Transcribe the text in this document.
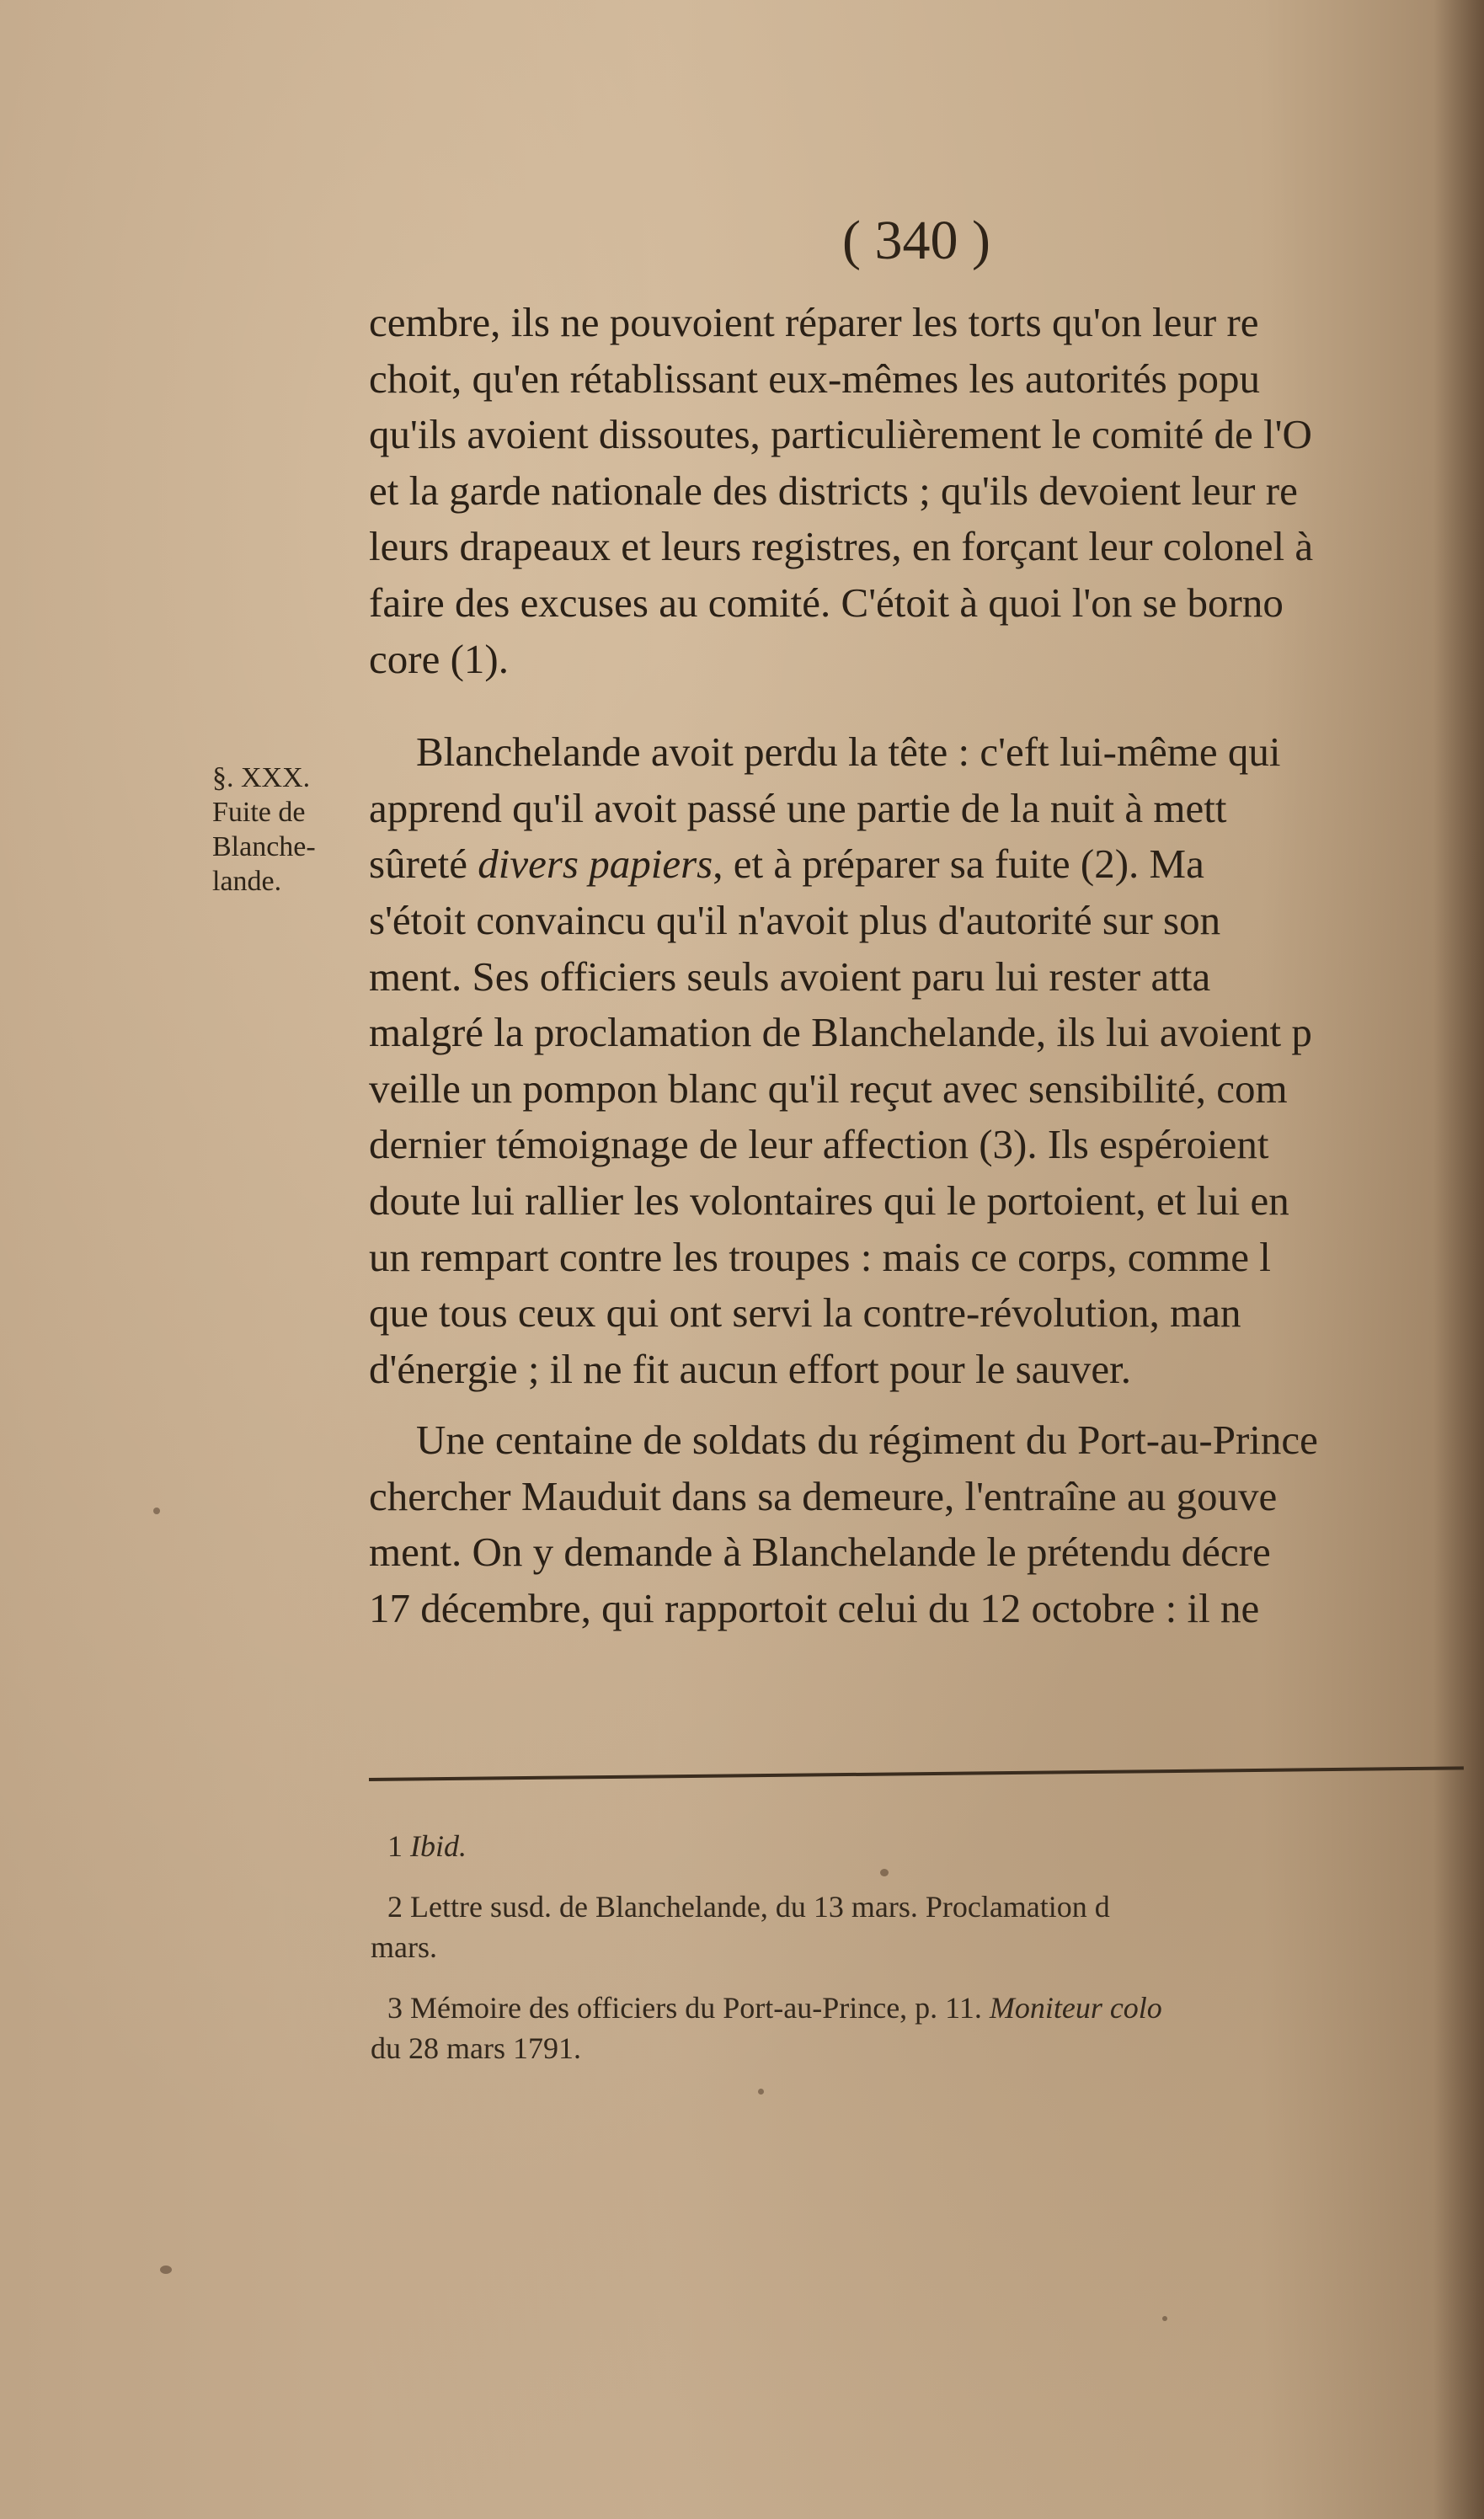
( 340 )
§. XXX.
Fuite de
Blanche-
lande.
cembre, ils ne pouvoient réparer les torts qu'on leur re
choit, qu'en rétablissant eux-mêmes les autorités popu
qu'ils avoient dissoutes, particulièrement le comité de l'O
et la garde nationale des districts ; qu'ils devoient leur re
leurs drapeaux et leurs registres, en forçant leur colonel à
faire des excuses au comité. C'étoit à quoi l'on se borno
core (1).
Blanchelande avoit perdu la tête : c'eft lui-même qui
apprend qu'il avoit passé une partie de la nuit à mett
sûreté divers papiers, et à préparer sa fuite (2). Ma
s'étoit convaincu qu'il n'avoit plus d'autorité sur son
ment. Ses officiers seuls avoient paru lui rester atta
malgré la proclamation de Blanchelande, ils lui avoient p
veille un pompon blanc qu'il reçut avec sensibilité, com
dernier témoignage de leur affection (3). Ils espéroient
doute lui rallier les volontaires qui le portoient, et lui en
un rempart contre les troupes : mais ce corps, comme l
que tous ceux qui ont servi la contre-révolution, man
d'énergie ; il ne fit aucun effort pour le sauver.
Une centaine de soldats du régiment du Port-au-Prince
chercher Mauduit dans sa demeure, l'entraîne au gouve
ment. On y demande à Blanchelande le prétendu décre
17 décembre, qui rapportoit celui du 12 octobre : il ne
1 Ibid.
2 Lettre susd. de Blanchelande, du 13 mars. Proclamation d
mars.
3 Mémoire des officiers du Port-au-Prince, p. 11. Moniteur colo
du 28 mars 1791.
